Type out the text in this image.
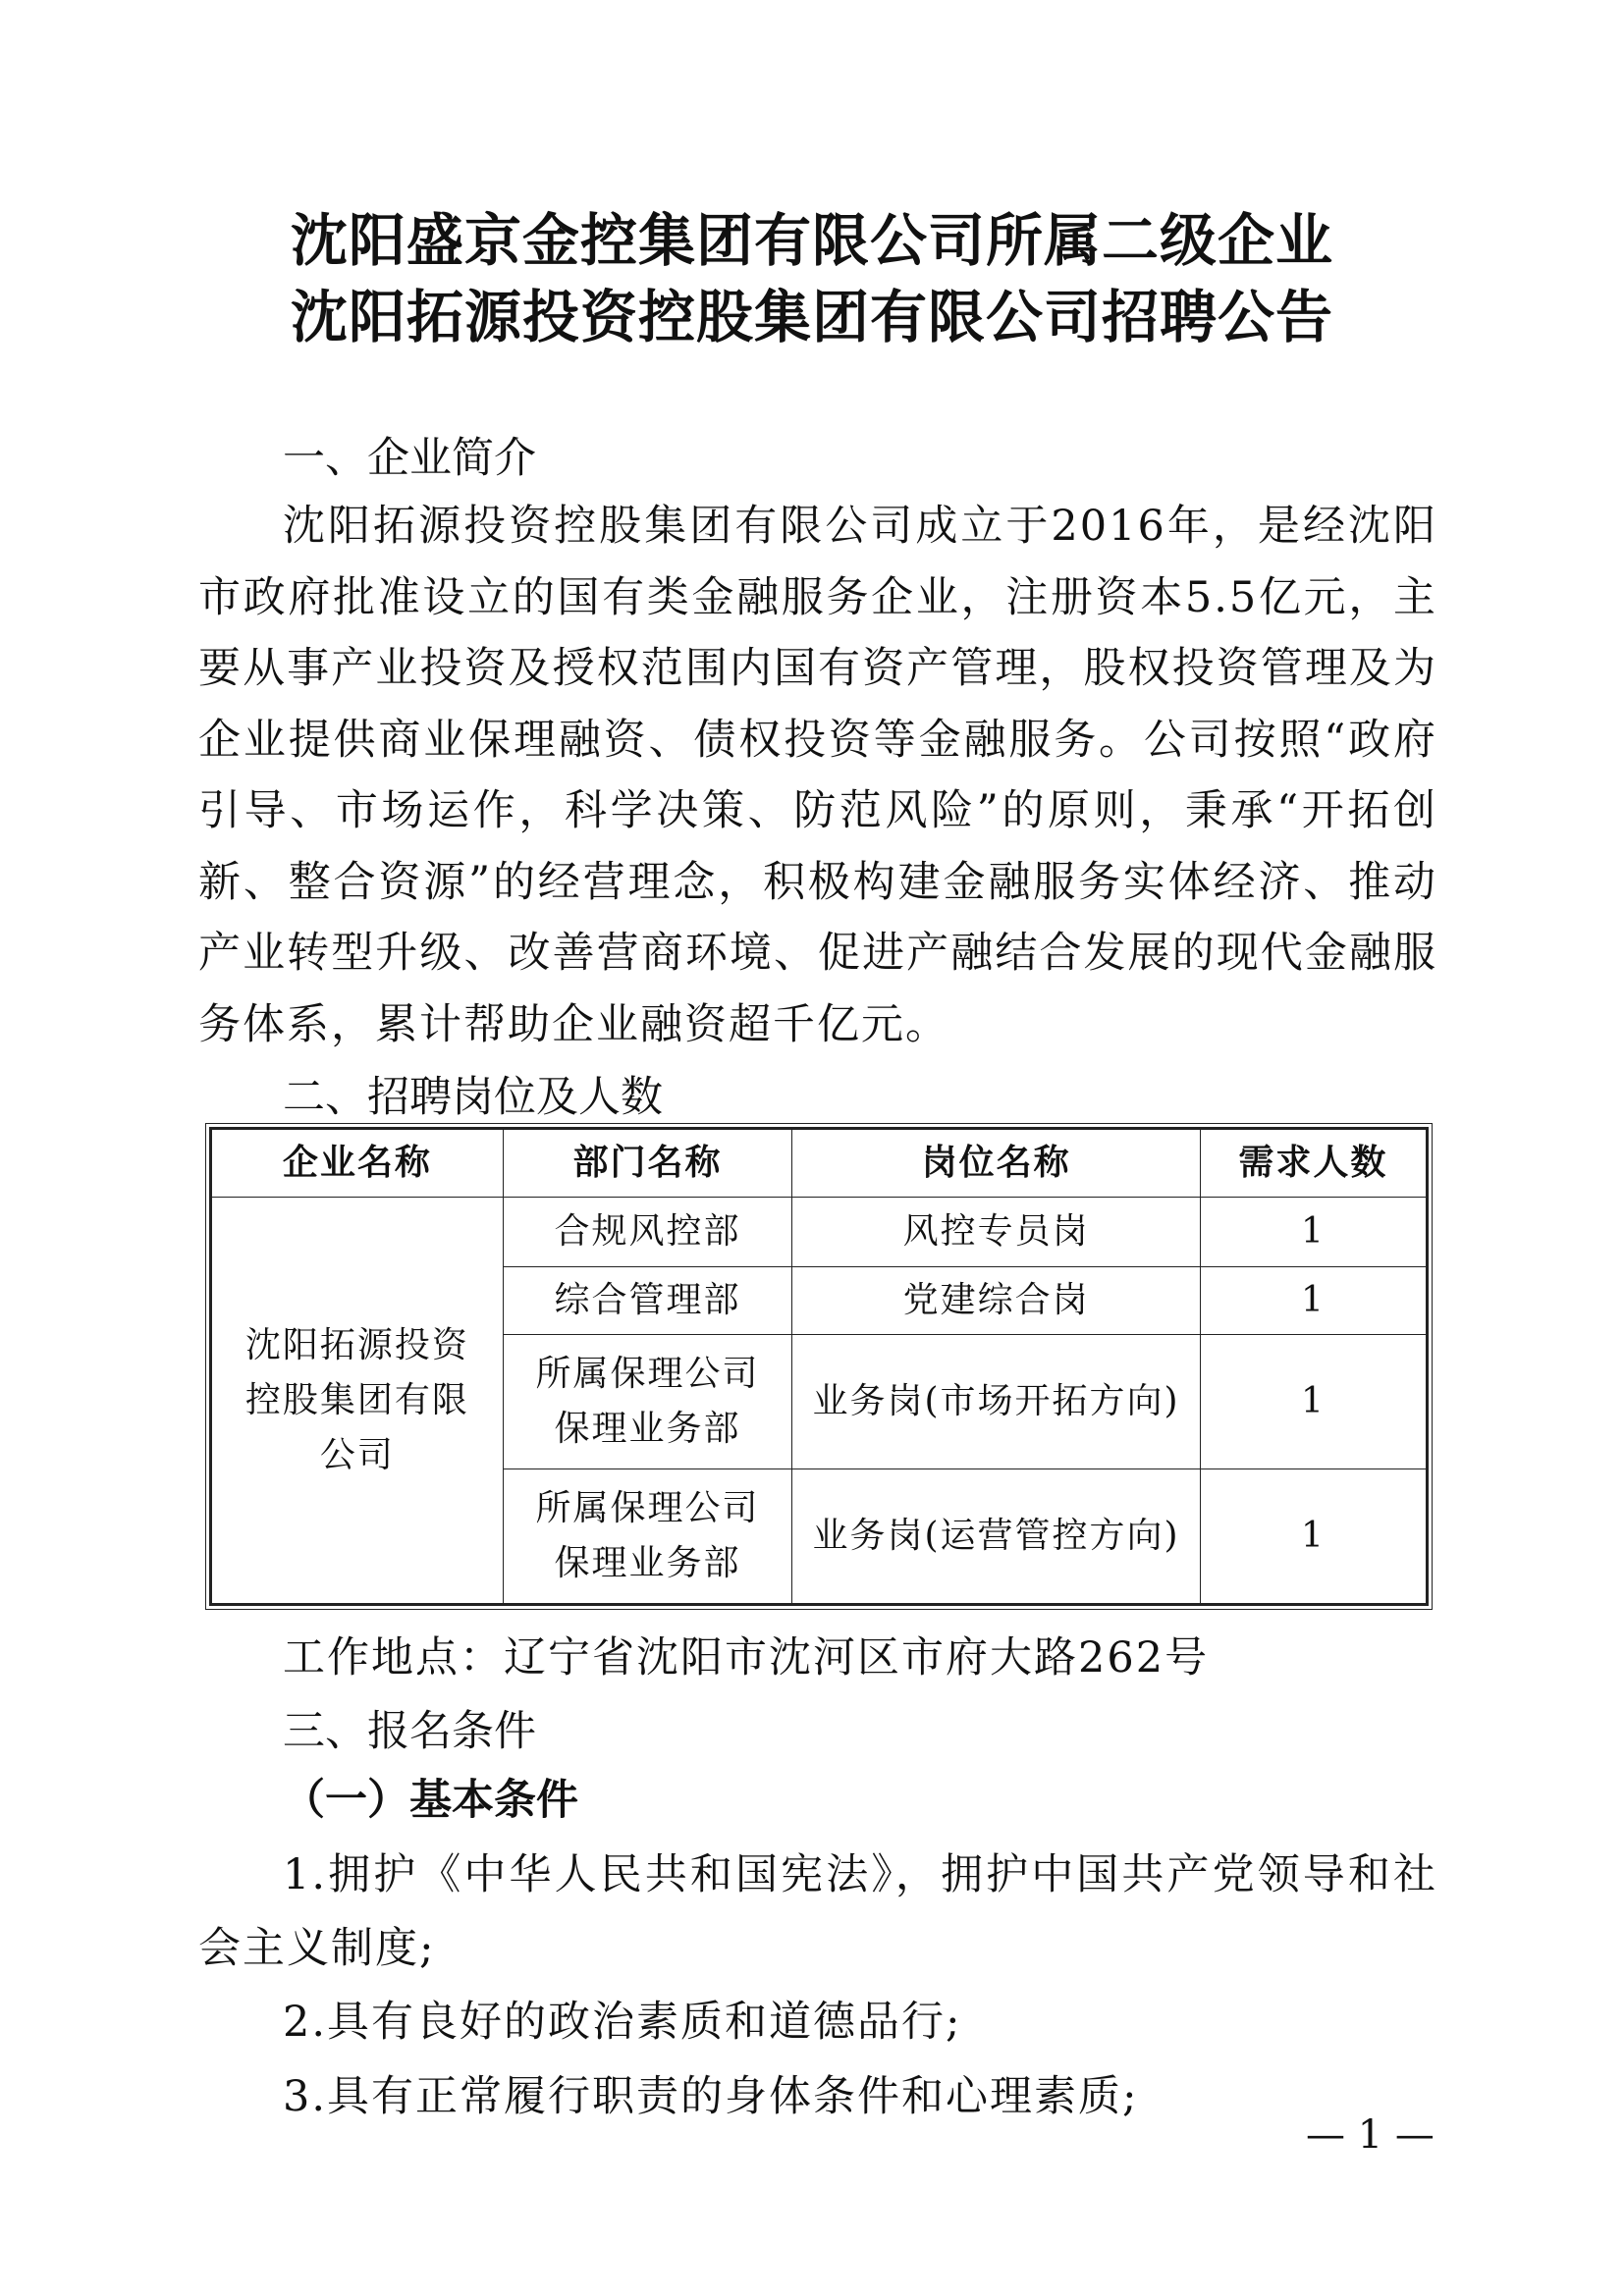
沈阳盛京金控集团有限公司所属二级企业
沈阳拓源投资控股集团有限公司招聘公告
一、企业简介
沈阳拓源投资控股集团有限公司成立于2016年，是经沈阳市政府批准设立的国有类金融服务企业，注册资本5.5亿元，主要从事产业投资及授权范围内国有资产管理，股权投资管理及为企业提供商业保理融资、债权投资等金融服务。公司按照“政府引导、市场运作，科学决策、防范风险”的原则，秉承“开拓创新、整合资源”的经营理念，积极构建金融服务实体经济、推动产业转型升级、改善营商环境、促进产融结合发展的现代金融服务体系，累计帮助企业融资超千亿元。
二、招聘岗位及人数
企业名称	部门名称	岗位名称	需求人数
沈阳拓源投资控股集团有限公司	合规风控部	风控专员岗	1
	综合管理部	党建综合岗	1
	所属保理公司保理业务部	业务岗(市场开拓方向)	1
	所属保理公司保理业务部	业务岗(运营管控方向)	1
工作地点：辽宁省沈阳市沈河区市府大路262号
三、报名条件
（一）基本条件
1.拥护《中华人民共和国宪法》，拥护中国共产党领导和社会主义制度;
2.具有良好的政治素质和道德品行;
3.具有正常履行职责的身体条件和心理素质;
— 1 —
